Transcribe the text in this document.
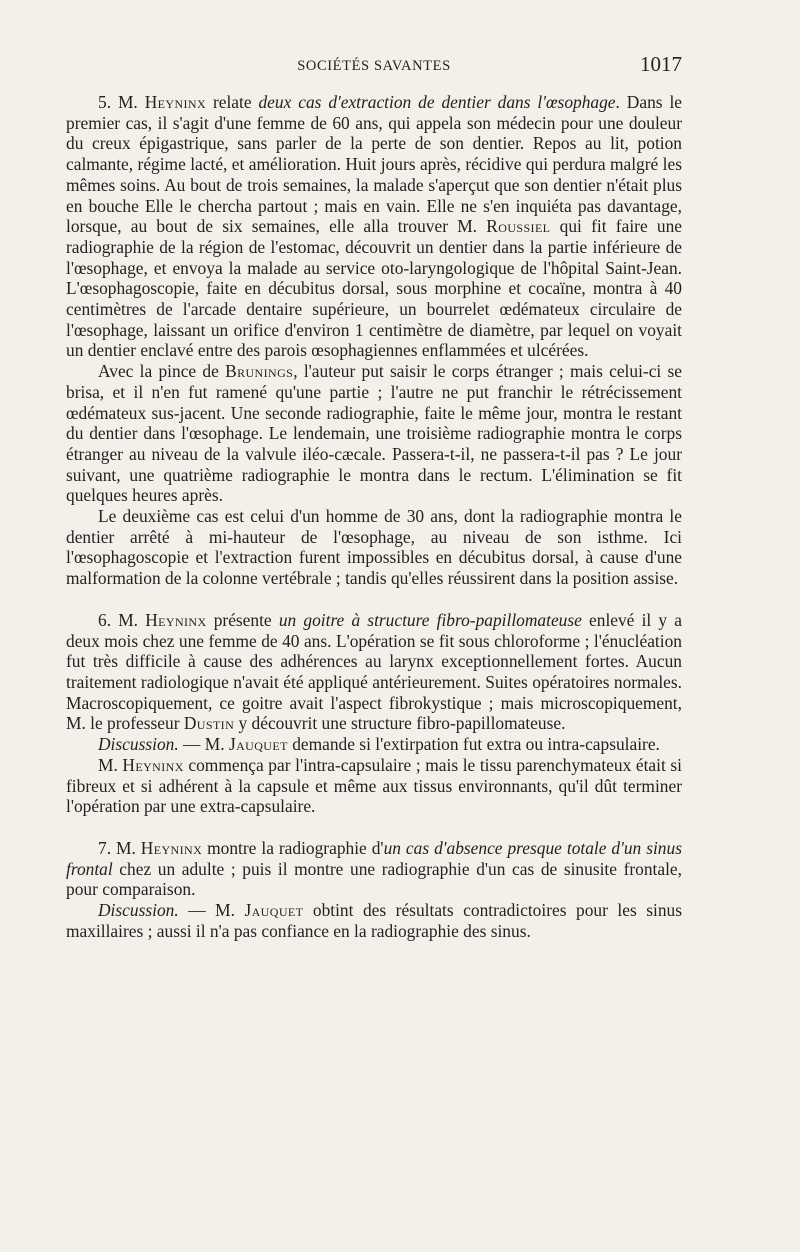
SOCIÉTÉS SAVANTES	1017

5. M. Heyninx relate deux cas d'extraction de dentier dans l'œsophage. Dans le premier cas, il s'agit d'une femme de 60 ans, qui appela son médecin pour une douleur du creux épigastrique, sans parler de la perte de son dentier. Repos au lit, potion calmante, régime lacté, et amélioration. Huit jours après, récidive qui perdura malgré les mêmes soins. Au bout de trois semaines, la malade s'aperçut que son dentier n'était plus en bouche Elle le chercha partout ; mais en vain. Elle ne s'en inquiéta pas davantage, lorsque, au bout de six semaines, elle alla trouver M. Roussiel qui fit faire une radiographie de la région de l'estomac, découvrit un dentier dans la partie inférieure de l'œsophage, et envoya la malade au service oto-laryngologique de l'hôpital Saint-Jean. L'œsophagoscopie, faite en décubitus dorsal, sous morphine et cocaïne, montra à 40 centimètres de l'arcade dentaire supérieure, un bourrelet œdémateux circulaire de l'œsophage, laissant un orifice d'environ 1 centimètre de diamètre, par lequel on voyait un dentier enclavé entre des parois œsophagiennes enflammées et ulcérées.

Avec la pince de Brunings, l'auteur put saisir le corps étranger ; mais celui-ci se brisa, et il n'en fut ramené qu'une partie ; l'autre ne put franchir le rétrécissement œdémateux sus-jacent. Une seconde radiographie, faite le même jour, montra le restant du dentier dans l'œsophage. Le lendemain, une troisième radiographie montra le corps étranger au niveau de la valvule iléo-cæcale. Passera-t-il, ne passera-t-il pas ? Le jour suivant, une quatrième radiographie le montra dans le rectum. L'élimination se fit quelques heures après.

Le deuxième cas est celui d'un homme de 30 ans, dont la radiographie montra le dentier arrêté à mi-hauteur de l'œsophage, au niveau de son isthme. Ici l'œsophagoscopie et l'extraction furent impossibles en décubitus dorsal, à cause d'une malformation de la colonne vertébrale ; tandis qu'elles réussirent dans la position assise.

6. M. Heyninx présente un goitre à structure fibro-papillomateuse enlevé il y a deux mois chez une femme de 40 ans. L'opération se fit sous chloroforme ; l'énucléation fut très difficile à cause des adhérences au larynx exceptionnellement fortes. Aucun traitement radiologique n'avait été appliqué antérieurement. Suites opératoires normales. Macroscopiquement, ce goitre avait l'aspect fibrokystique ; mais microscopiquement, M. le professeur Dustin y découvrit une structure fibro-papillomateuse.

Discussion. — M. Jauquet demande si l'extirpation fut extra ou intra-capsulaire.

M. Heyninx commença par l'intra-capsulaire ; mais le tissu parenchymateux était si fibreux et si adhérent à la capsule et même aux tissus environnants, qu'il dût terminer l'opération par une extra-capsulaire.

7. M. Heyninx montre la radiographie d'un cas d'absence presque totale d'un sinus frontal chez un adulte ; puis il montre une radiographie d'un cas de sinusite frontale, pour comparaison.

Discussion. — M. Jauquet obtint des résultats contradictoires pour les sinus maxillaires ; aussi il n'a pas confiance en la radiographie des sinus.
